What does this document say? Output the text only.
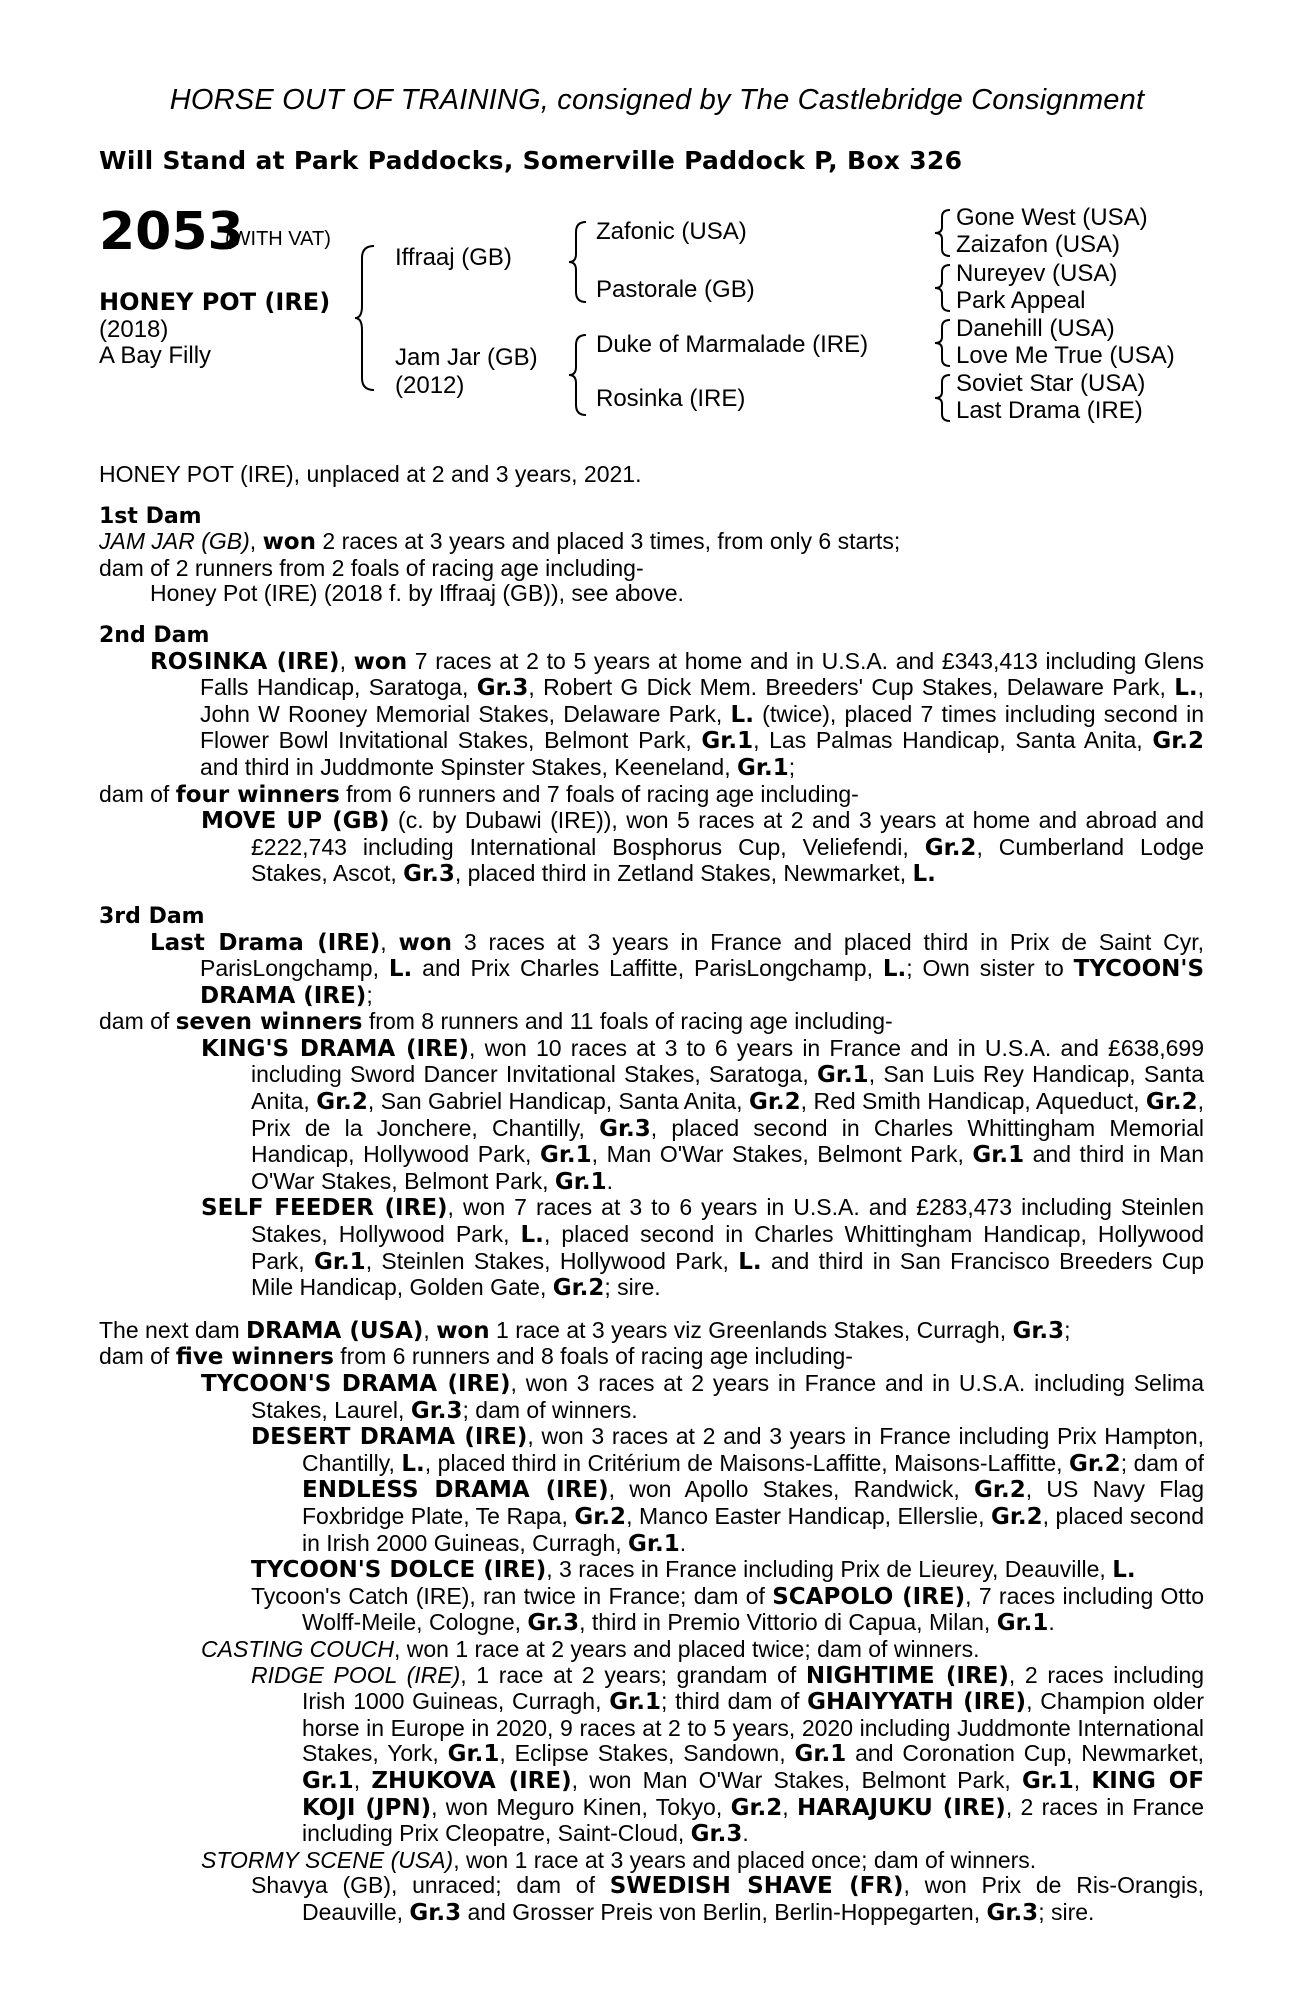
HORSE OUT OF TRAINING, consigned by The Castlebridge Consignment
Will Stand at Park Paddocks, Somerville Paddock P, Box 326
2053
(WITH VAT)
HONEY POT (IRE)
(2018)
A Bay Filly
Iffraaj (GB)
Jam Jar (GB)
(2012)
Zafonic (USA)
Pastorale (GB)
Duke of Marmalade (IRE)
Rosinka (IRE)
Gone West (USA)
Zaizafon (USA)
Nureyev (USA)
Park Appeal
Danehill (USA)
Love Me True (USA)
Soviet Star (USA)
Last Drama (IRE)

HONEY POT (IRE), unplaced at 2 and 3 years, 2021.

1st Dam

JAM JAR (GB), won 2 races at 3 years and placed 3 times, from only 6 starts;

dam of 2 runners from 2 foals of racing age including-

Honey Pot (IRE) (2018 f. by Iffraaj (GB)), see above.

2nd Dam

ROSINKA (IRE), won 7 races at 2 to 5 years at home and in U.S.A. and £343,413 including Glens Falls Handicap, Saratoga, Gr.3, Robert G Dick Mem. Breeders' Cup Stakes, Delaware Park, L., John W Rooney Memorial Stakes, Delaware Park, L. (twice), placed 7 times including second in Flower Bowl Invitational Stakes, Belmont Park, Gr.1, Las Palmas Handicap, Santa Anita, Gr.2 and third in Juddmonte Spinster Stakes, Keeneland, Gr.1;

dam of four winners from 6 runners and 7 foals of racing age including-

MOVE UP (GB) (c. by Dubawi (IRE)), won 5 races at 2 and 3 years at home and abroad and £222,743 including International Bosphorus Cup, Veliefendi, Gr.2, Cumberland Lodge Stakes, Ascot, Gr.3, placed third in Zetland Stakes, Newmarket, L.

3rd Dam

Last Drama (IRE), won 3 races at 3 years in France and placed third in Prix de Saint Cyr, ParisLongchamp, L. and Prix Charles Laffitte, ParisLongchamp, L.; Own sister to TYCOON'S DRAMA (IRE);

dam of seven winners from 8 runners and 11 foals of racing age including-

KING'S DRAMA (IRE), won 10 races at 3 to 6 years in France and in U.S.A. and £638,699 including Sword Dancer Invitational Stakes, Saratoga, Gr.1, San Luis Rey Handicap, Santa Anita, Gr.2, San Gabriel Handicap, Santa Anita, Gr.2, Red Smith Handicap, Aqueduct, Gr.2, Prix de la Jonchere, Chantilly, Gr.3, placed second in Charles Whittingham Memorial Handicap, Hollywood Park, Gr.1, Man O'War Stakes, Belmont Park, Gr.1 and third in Man O'War Stakes, Belmont Park, Gr.1.

SELF FEEDER (IRE), won 7 races at 3 to 6 years in U.S.A. and £283,473 including Steinlen Stakes, Hollywood Park, L., placed second in Charles Whittingham Handicap, Hollywood Park, Gr.1, Steinlen Stakes, Hollywood Park, L. and third in San Francisco Breeders Cup Mile Handicap, Golden Gate, Gr.2; sire.

The next dam DRAMA (USA), won 1 race at 3 years viz Greenlands Stakes, Curragh, Gr.3;

dam of five winners from 6 runners and 8 foals of racing age including-

TYCOON'S DRAMA (IRE), won 3 races at 2 years in France and in U.S.A. including Selima Stakes, Laurel, Gr.3; dam of winners.

DESERT DRAMA (IRE), won 3 races at 2 and 3 years in France including Prix Hampton, Chantilly, L., placed third in Critérium de Maisons-Laffitte, Maisons-Laffitte, Gr.2; dam of ENDLESS DRAMA (IRE), won Apollo Stakes, Randwick, Gr.2, US Navy Flag Foxbridge Plate, Te Rapa, Gr.2, Manco Easter Handicap, Ellerslie, Gr.2, placed second in Irish 2000 Guineas, Curragh, Gr.1.

TYCOON'S DOLCE (IRE), 3 races in France including Prix de Lieurey, Deauville, L.

Tycoon's Catch (IRE), ran twice in France; dam of SCAPOLO (IRE), 7 races including Otto Wolff-Meile, Cologne, Gr.3, third in Premio Vittorio di Capua, Milan, Gr.1.

CASTING COUCH, won 1 race at 2 years and placed twice; dam of winners.

RIDGE POOL (IRE), 1 race at 2 years; grandam of NIGHTIME (IRE), 2 races including Irish 1000 Guineas, Curragh, Gr.1; third dam of GHAIYYATH (IRE), Champion older horse in Europe in 2020, 9 races at 2 to 5 years, 2020 including Juddmonte International Stakes, York, Gr.1, Eclipse Stakes, Sandown, Gr.1 and Coronation Cup, Newmarket, Gr.1, ZHUKOVA (IRE), won Man O'War Stakes, Belmont Park, Gr.1, KING OF KOJI (JPN), won Meguro Kinen, Tokyo, Gr.2, HARAJUKU (IRE), 2 races in France including Prix Cleopatre, Saint-Cloud, Gr.3.

STORMY SCENE (USA), won 1 race at 3 years and placed once; dam of winners.

Shavya (GB), unraced; dam of SWEDISH SHAVE (FR), won Prix de Ris-Orangis, Deauville, Gr.3 and Grosser Preis von Berlin, Berlin-Hoppegarten, Gr.3; sire.
